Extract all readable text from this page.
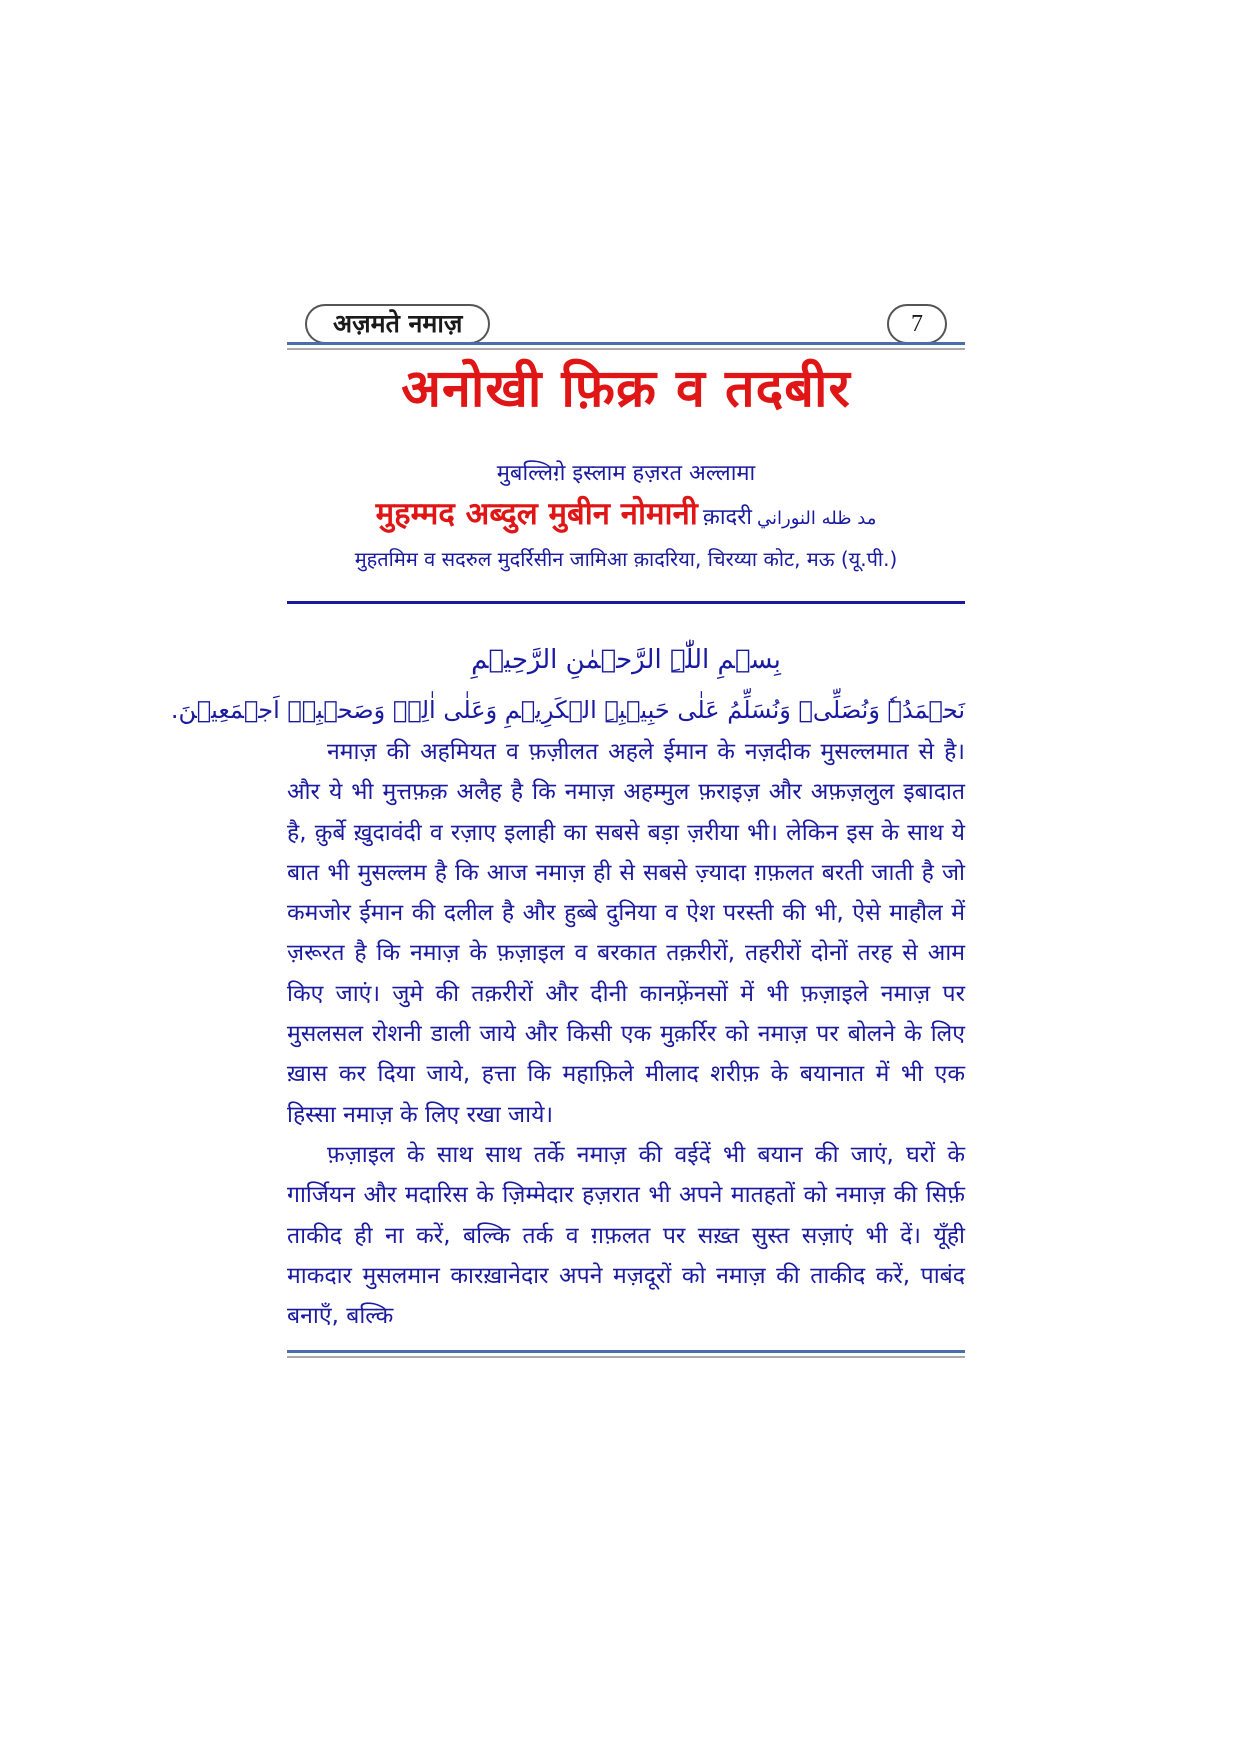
अज़मते नमाज़	7
अनोखी फ़िक्र व तदबीर
मुबल्लिग़े इस्लाम हज़रत अल्लामा
मुहम्मद अब्दुल मुबीन नोमानी क़ादरी مد ظله النوراني
मुहतमिम व सदरुल मुदर्रिसीन जामिआ क़ादरिया, चिरय्या कोट, मऊ (यू.पी.)
بِسۡمِ اللّٰہِ الرَّحۡمٰنِ الرَّحِیۡمِ
نَحۡمَدُہٗ وَنُصَلِّیۡ وَنُسَلِّمُ عَلٰی حَبِیۡبِہِ الۡکَرِیۡمِ وَعَلٰی اٰلِہٖ وَصَحۡبِہٖ اَجۡمَعِیۡنَ.

नमाज़ की अहमियत व फ़ज़ीलत अहले ईमान के नज़दीक मुसल्लमात से है। और ये भी मुत्तफ़क़ अलैह है कि नमाज़ अहम्मुल फ़राइज़ और अफ़ज़लुल इबादात है, क़ुर्बे ख़ुदावंदी व रज़ाए इलाही का सबसे बड़ा ज़रीया भी। लेकिन इस के साथ ये बात भी मुसल्लम है कि आज नमाज़ ही से सबसे ज़्यादा ग़फ़लत बरती जाती है जो कमजोर ईमान की दलील है और हुब्बे दुनिया व ऐश परस्ती की भी, ऐसे माहौल में ज़रूरत है कि नमाज़ के फ़ज़ाइल व बरकात तक़रीरों, तहरीरों दोनों तरह से आम किए जाएं। जुमे की तक़रीरों और दीनी कानफ़्रेंनसों में भी फ़ज़ाइले नमाज़ पर मुसलसल रोशनी डाली जाये और किसी एक मुक़र्रिर को नमाज़ पर बोलने के लिए ख़ास कर दिया जाये, हत्ता कि महाफ़िले मीलाद शरीफ़ के बयानात में भी एक हिस्सा नमाज़ के लिए रखा जाये।

फ़ज़ाइल के साथ साथ तर्के नमाज़ की वईदें भी बयान की जाएं, घरों के गार्जियन और मदारिस के ज़िम्मेदार हज़रात भी अपने मातहतों को नमाज़ की सिर्फ़ ताकीद ही ना करें, बल्कि तर्क व ग़फ़लत पर सख़्त सुस्त सज़ाएं भी दें। यूँही माकदार मुसलमान कारख़ानेदार अपने मज़दूरों को नमाज़ की ताकीद करें, पाबंद बनाएँ, बल्कि
